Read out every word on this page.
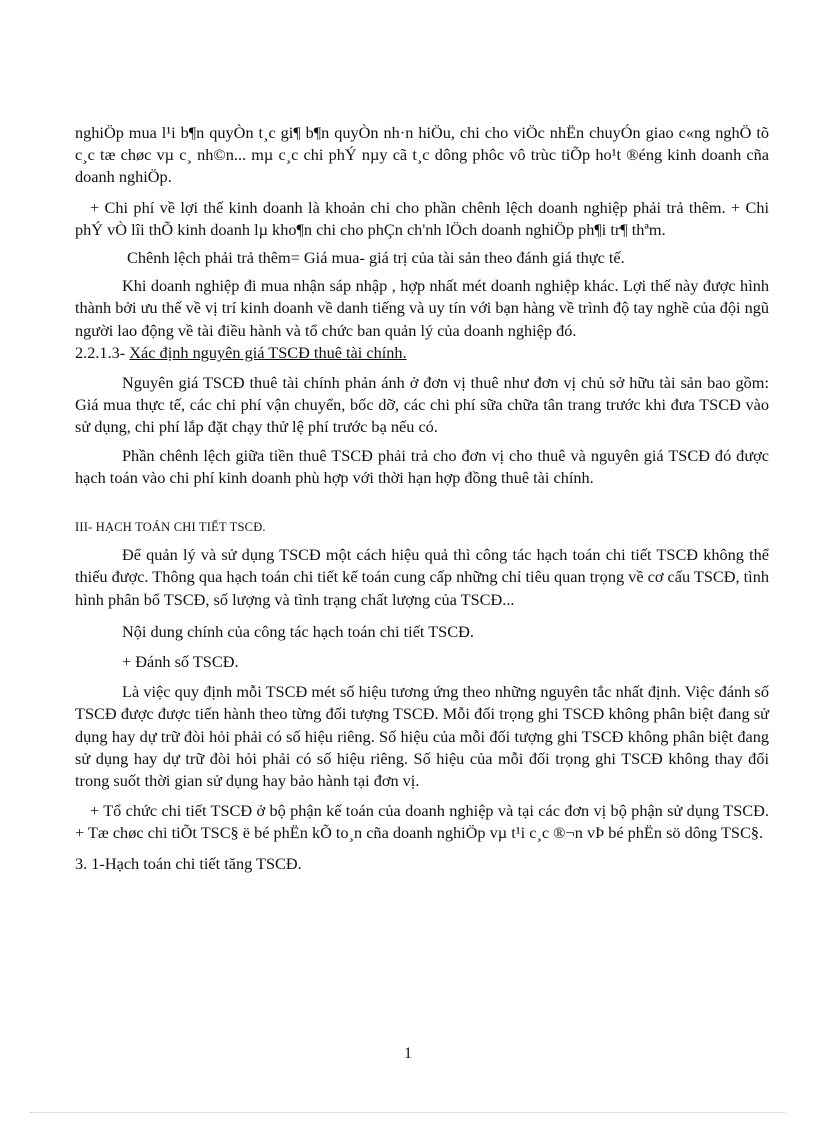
nghiÖp mua l¹i b¶n quyÒn t¸c gi¶ b¶n quyÒn nh·n hiÖu, chi cho viÖc nhËn chuyÓn giao c«ng nghÖ tõ c¸c tæ chøc vµ c¸ nh©n... mµ c¸c chi phÝ nµy cã t¸c dông phôc vô trùc tiÕp ho¹t ®éng kinh doanh cña doanh nghiÖp.

+ Chi phí về lợi thế kinh doanh là khoản chi cho phần chênh lệch doanh nghiệp phải trả thêm. + Chi phÝ vÒ lîi thÕ kinh doanh lµ kho¶n chi cho phÇn ch'nh lÖch doanh nghiÖp ph¶i tr¶ thªm.

Chênh lệch phải trả thêm= Giá mua- giá trị của tài sản theo đánh giá thực tế.

Khi doanh nghiệp đi mua nhận sáp nhập , hợp nhất mét doanh nghiệp khác. Lợi thế này được hình thành bởi ưu thế về vị trí kinh doanh về danh tiếng và uy tín với bạn hàng về trình độ tay nghề của đội ngũ người lao động về tài điều hành và tổ chức ban quản lý của doanh nghiệp đó.

2.2.1.3- Xác định nguyên giá TSCĐ thuê tài chính.

Nguyên giá TSCĐ thuê tài chính phản ánh ở đơn vị thuê như đơn vị chủ sở hữu tài sản bao gồm: Giá mua thực tế, các chi phí vận chuyển, bốc dỡ, các chi phí sữa chữa tân trang trước khi đưa TSCĐ vào sử dụng, chi phí lắp đặt chạy thử lệ phí trước bạ nếu có.

Phần chênh lệch giữa tiền thuê TSCĐ phải trả cho đơn vị cho thuê và nguyên giá TSCĐ đó được hạch toán vào chi phí kinh doanh phù hợp với thời hạn hợp đồng thuê tài chính.

III- HẠCH TOÁN CHI TIẾT TSCĐ.

Để quản lý và sử dụng TSCĐ một cách hiệu quả thì công tác hạch toán chi tiết TSCĐ không thể thiếu được. Thông qua hạch toán chi tiết kế toán cung cấp những chỉ tiêu quan trọng về cơ cấu TSCĐ, tình hình phân bổ TSCĐ, số lượng và tình trạng chất lượng của TSCĐ...

Nội dung chính của công tác hạch toán chi tiết TSCĐ.

+ Đánh số TSCĐ.

Là việc quy định mỗi TSCĐ mét số hiệu tương ứng theo những nguyên tắc nhất định. Việc đánh số TSCĐ được được tiến hành theo từng đối tượng TSCĐ. Mỗi đối trọng ghi TSCĐ không phân biệt đang sử dụng hay dự trữ đòi hỏi phải có số hiệu riêng. Số hiệu của mỗi đối tượng ghi TSCĐ không phân biệt đang sử dụng hay dự trữ đòi hỏi phải có số hiệu riêng. Số hiệu của mỗi đối trọng ghi TSCĐ không thay đổi trong suốt thời gian sử dụng hay bảo hành tại đơn vị.

+ Tổ chức chi tiết TSCĐ ở bộ phận kế toán của doanh nghiệp và tại các đơn vị bộ phận sử dụng TSCĐ. + Tæ chøc chi tiÕt TSC§ ë bé phËn kÕ to¸n cña doanh nghiÖp vµ t¹i c¸c ®¬n vÞ bé phËn sö dông TSC§.

3. 1-Hạch toán chi tiết tăng TSCĐ.

1
